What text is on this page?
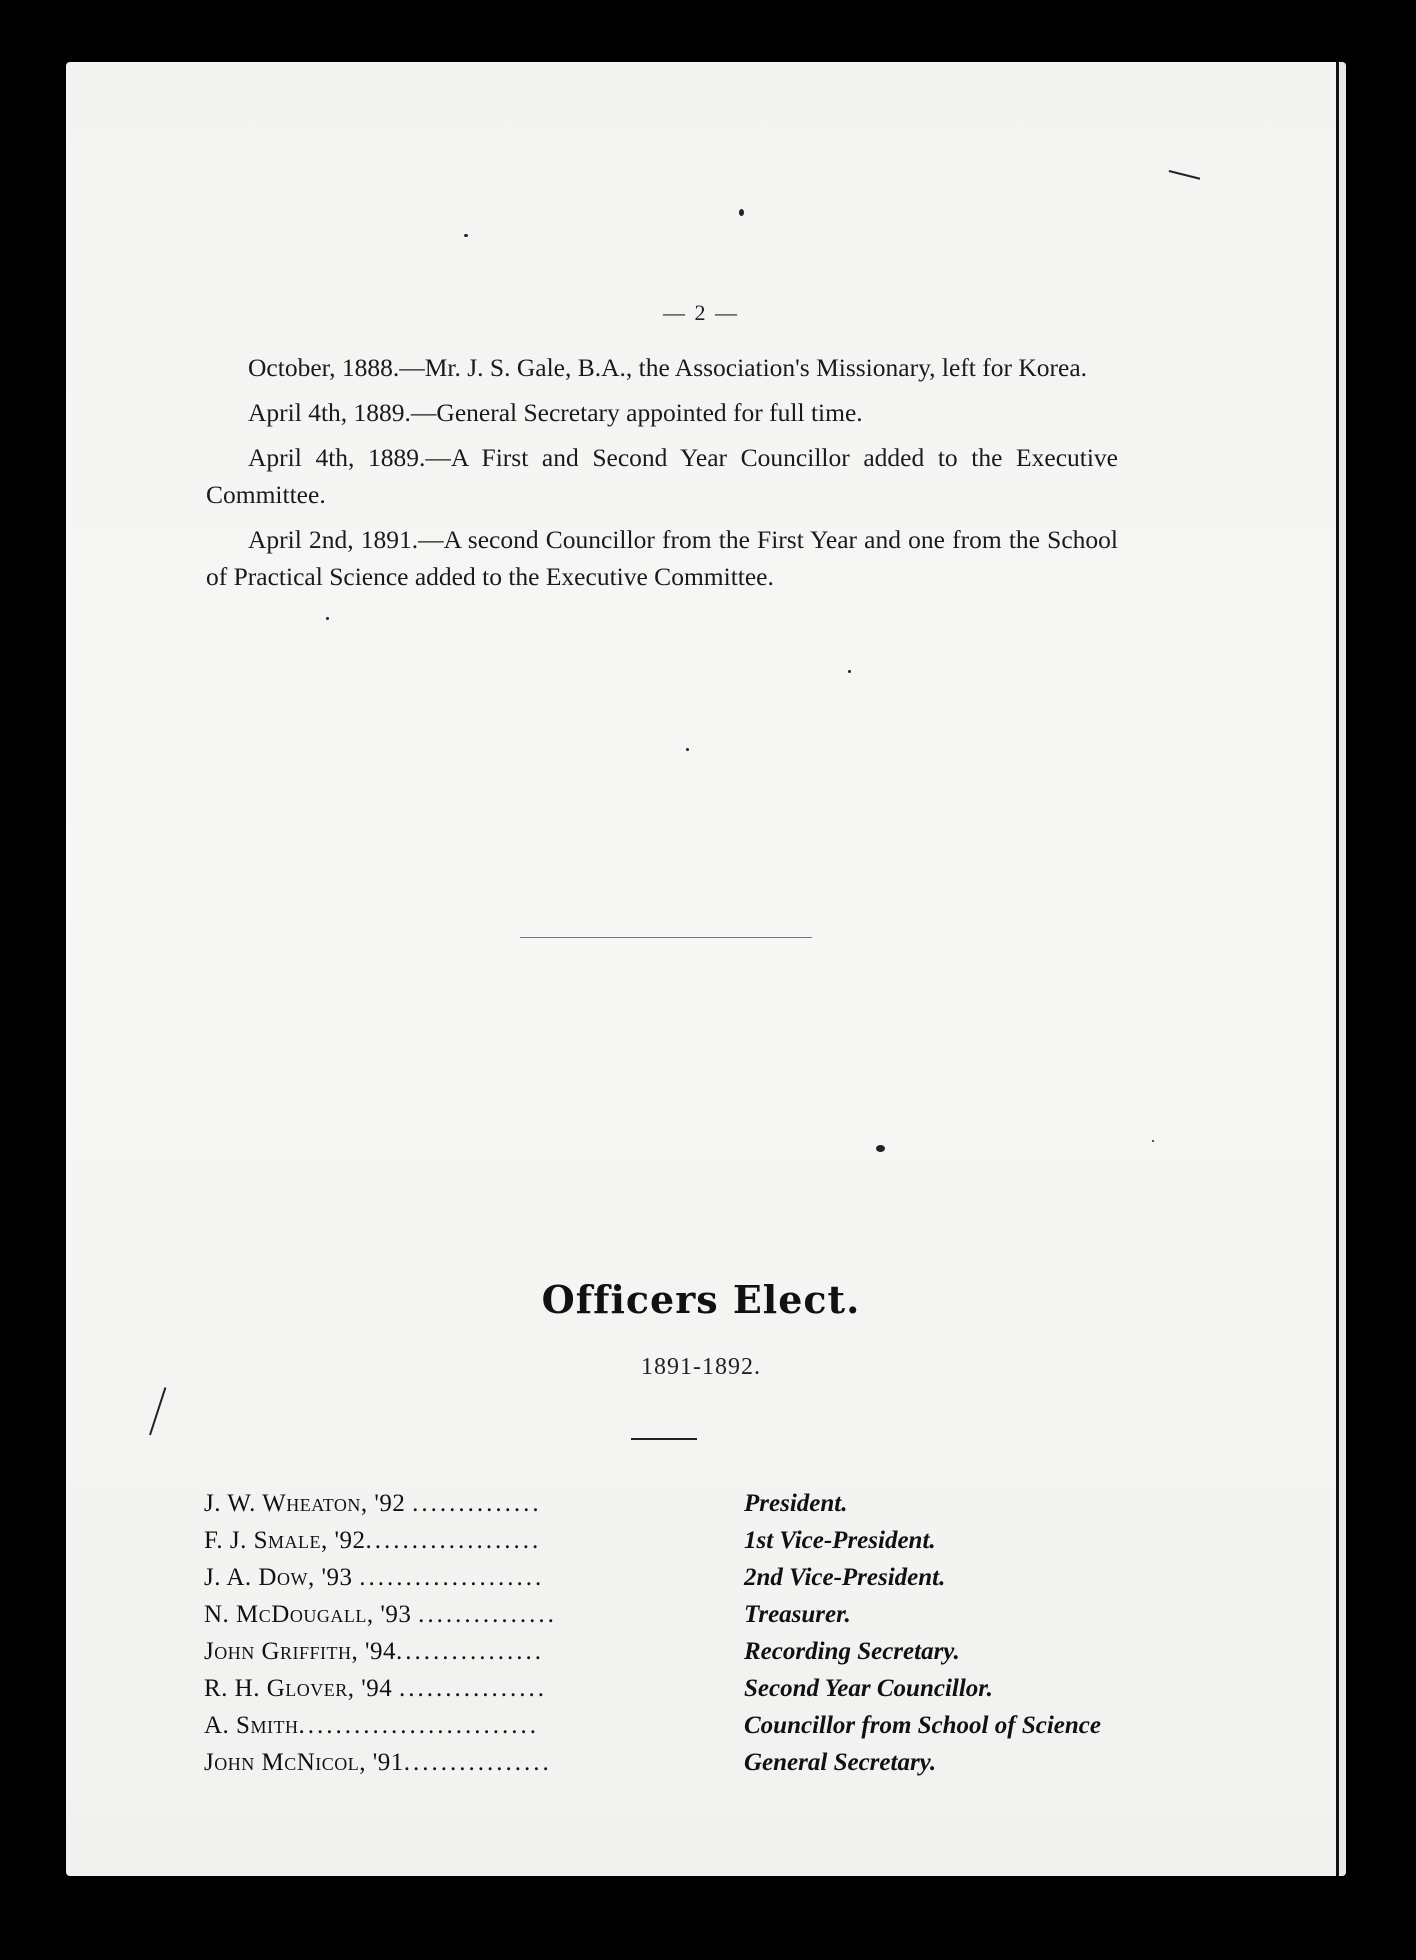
— 2 —

October, 1888.—Mr. J. S. Gale, B.A., the Association's Missionary, left for Korea.

April 4th, 1889.—General Secretary appointed for full time.

April 4th, 1889.—A First and Second Year Councillor added to the Executive Committee.

April 2nd, 1891.—A second Councillor from the First Year and one from the School of Practical Science added to the Executive Committee.

Officers Elect.
1891-1892.
J. W. Wheaton, '92 ..............	President.
F. J. Smale, '92...................	1st Vice-President.
J. A. Dow, '93 ....................	2nd Vice-President.
N. McDougall, '93 ...............	Treasurer.
John Griffith, '94................	Recording Secretary.
R. H. Glover, '94 ................	Second Year Councillor.
A. Smith..........................	Councillor from School of Science
John McNicol, '91................	General Secretary.
